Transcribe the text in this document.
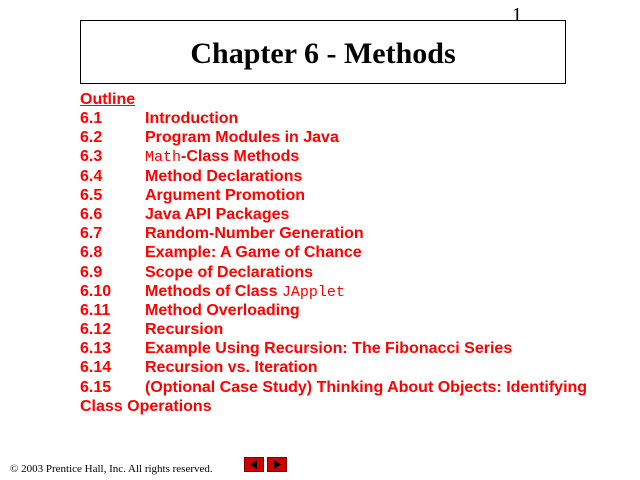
1
Chapter 6 - Methods
Outline
6.1	Introduction
6.2	Program Modules in Java
6.3	Math-Class Methods
6.4	Method Declarations
6.5	Argument Promotion
6.6	Java API Packages
6.7	Random-Number Generation
6.8	Example: A Game of Chance
6.9	Scope of Declarations
6.10	Methods of Class JApplet
6.11	Method Overloading
6.12	Recursion
6.13	Example Using Recursion: The Fibonacci Series
6.14	Recursion vs. Iteration
6.15	(Optional Case Study) Thinking About Objects: Identifying
Class Operations
© 2003 Prentice Hall, Inc. All rights reserved.
